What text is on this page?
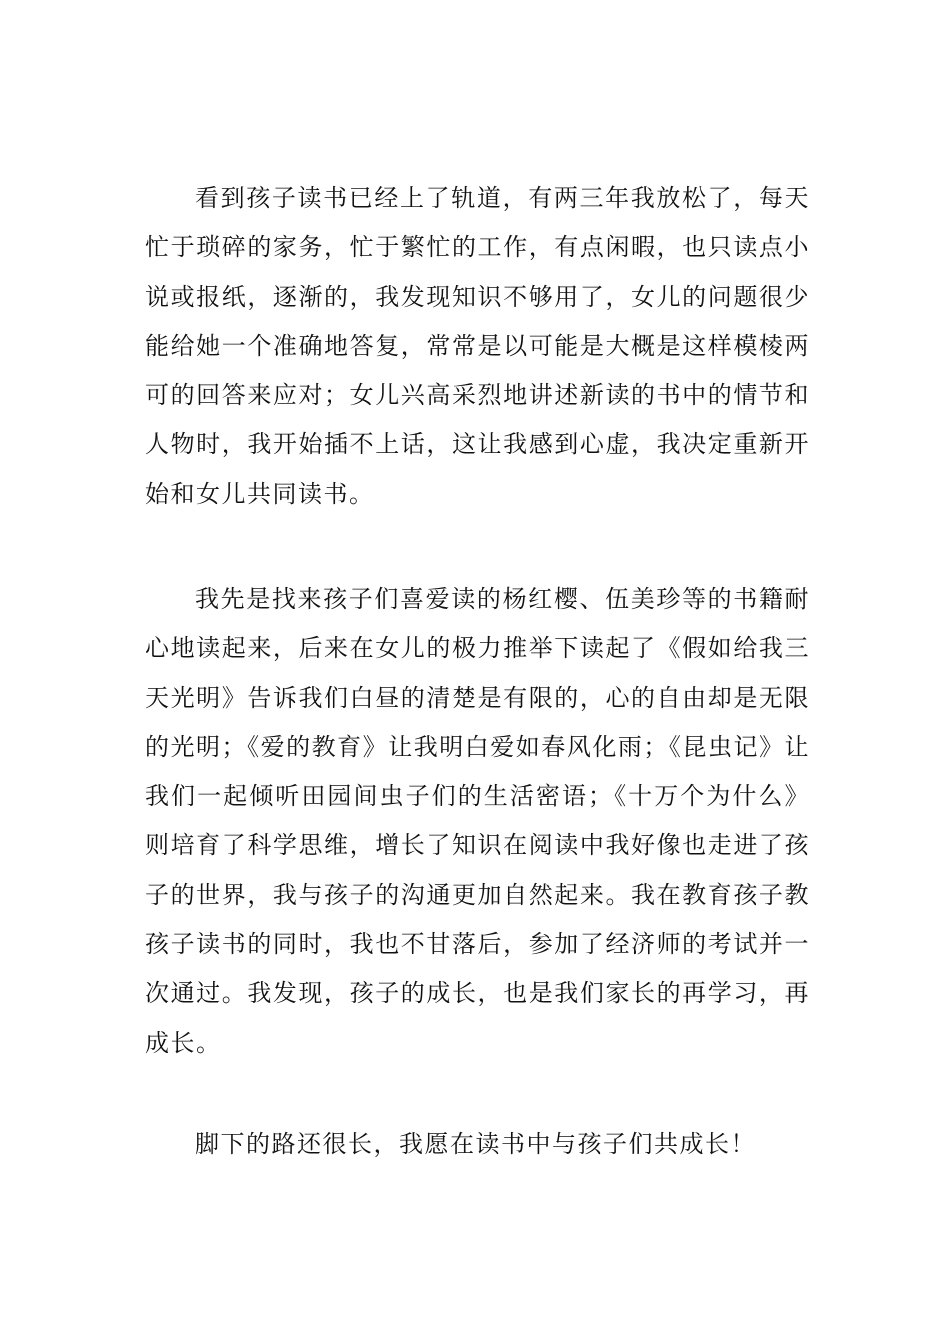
看到孩子读书已经上了轨道，有两三年我放松了，每天忙于琐碎的家务，忙于繁忙的工作，有点闲暇，也只读点小说或报纸，逐渐的，我发现知识不够用了，女儿的问题很少能给她一个准确地答复，常常是以可能是大概是这样模棱两可的回答来应对；女儿兴高采烈地讲述新读的书中的情节和人物时，我开始插不上话，这让我感到心虚，我决定重新开始和女儿共同读书。

我先是找来孩子们喜爱读的杨红樱、伍美珍等的书籍耐心地读起来，后来在女儿的极力推举下读起了《假如给我三天光明》告诉我们白昼的清楚是有限的，心的自由却是无限的光明；《爱的教育》让我明白爱如春风化雨；《昆虫记》让我们一起倾听田园间虫子们的生活密语；《十万个为什么》则培育了科学思维，增长了知识在阅读中我好像也走进了孩子的世界，我与孩子的沟通更加自然起来。我在教育孩子教孩子读书的同时，我也不甘落后，参加了经济师的考试并一次通过。我发现，孩子的成长，也是我们家长的再学习，再成长。

脚下的路还很长，我愿在读书中与孩子们共成长！
